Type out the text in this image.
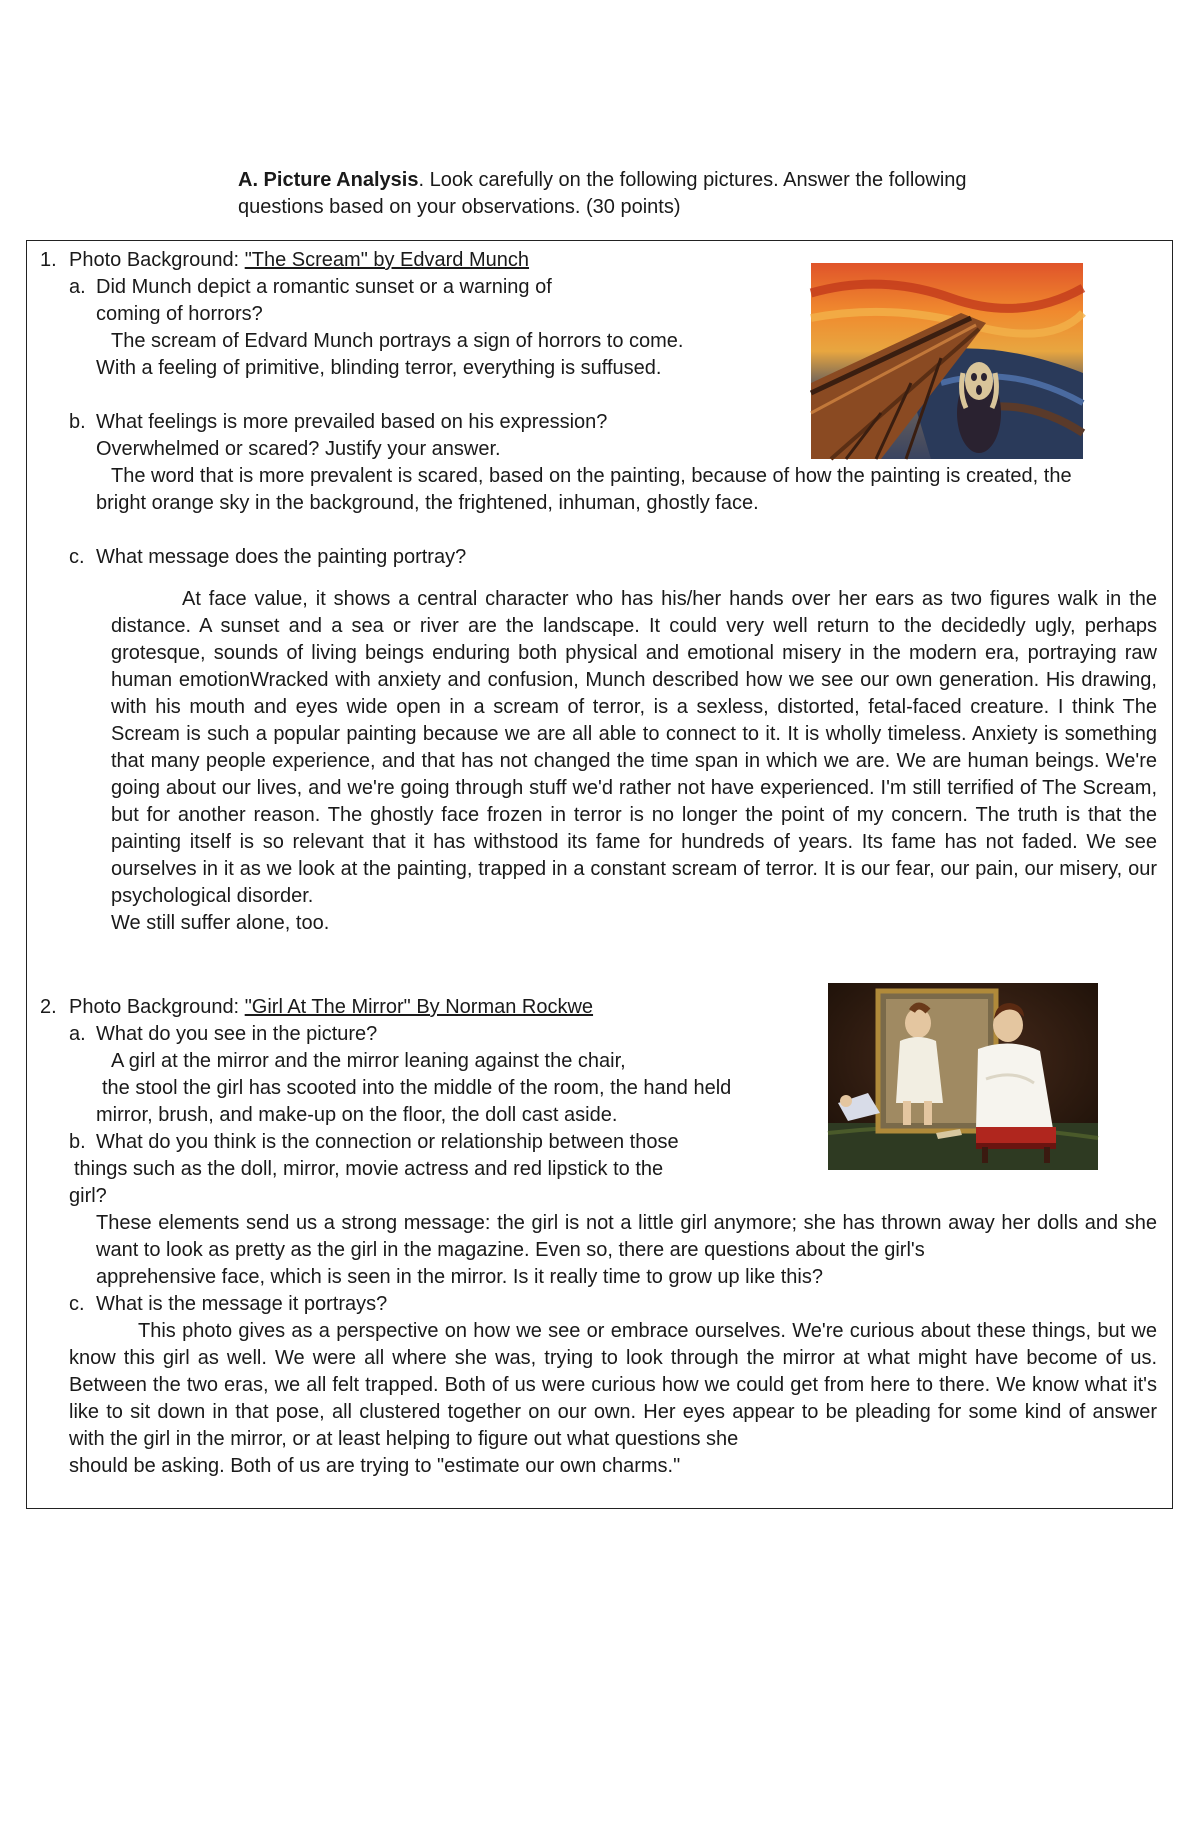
A. Picture Analysis. Look carefully on the following pictures. Answer the following
questions based on your observations. (30 points)
1. Photo Background: "The Scream" by Edvard Munch
a. Did Munch depict a romantic sunset or a warning of
coming of horrors?
The scream of Edvard Munch portrays a sign of horrors to come.
With a feeling of primitive, blinding terror, everything is suffused.
b. What feelings is more prevailed based on his expression?
Overwhelmed or scared? Justify your answer.
The word that is more prevalent is scared, based on the painting, because of how the painting is created, the
bright orange sky in the background, the frightened, inhuman, ghostly face.
c. What message does the painting portray?
At face value, it shows a central character who has his/her hands over her ears as two figures walk in the distance. A sunset and a sea or river are the landscape. It could very well return to the decidedly ugly, perhaps grotesque, sounds of living beings enduring both physical and emotional misery in the modern era, portraying raw human emotionWracked with anxiety and confusion, Munch described how we see our own generation. His drawing, with his mouth and eyes wide open in a scream of terror, is a sexless, distorted, fetal-faced creature. I think The Scream is such a popular painting because we are all able to connect to it. It is wholly timeless. Anxiety is something that many people experience, and that has not changed the time span in which we are. We are human beings. We're going about our lives, and we're going through stuff we'd rather not have experienced. I'm still terrified of The Scream, but for another reason. The ghostly face frozen in terror is no longer the point of my concern. The truth is that the painting itself is so relevant that it has withstood its fame for hundreds of years. Its fame has not faded. We see ourselves in it as we look at the painting, trapped in a constant scream of terror. It is our fear, our pain, our misery, our psychological disorder.
We still suffer alone, too.
2. Photo Background: "Girl At The Mirror" By Norman Rockwe
a. What do you see in the picture?
A girl at the mirror and the mirror leaning against the chair,
the stool the girl has scooted into the middle of the room, the hand held
mirror, brush, and make-up on the floor, the doll cast aside.
b. What do you think is the connection or relationship between those
things such as the doll, mirror, movie actress and red lipstick to the
girl?
These elements send us a strong message: the girl is not a little girl anymore; she has thrown away her dolls and she want to look as pretty as the girl in the magazine. Even so, there are questions about the girl's
apprehensive face, which is seen in the mirror. Is it really time to grow up like this?
c. What is the message it portrays?
This photo gives as a perspective on how we see or embrace ourselves. We're curious about these things, but we know this girl as well. We were all where she was, trying to look through the mirror at what might have become of us. Between the two eras, we all felt trapped. Both of us were curious how we could get from here to there. We know what it's like to sit down in that pose, all clustered together on our own. Her eyes appear to be pleading for some kind of answer with the girl in the mirror, or at least helping to figure out what questions she
should be asking. Both of us are trying to "estimate our own charms."
